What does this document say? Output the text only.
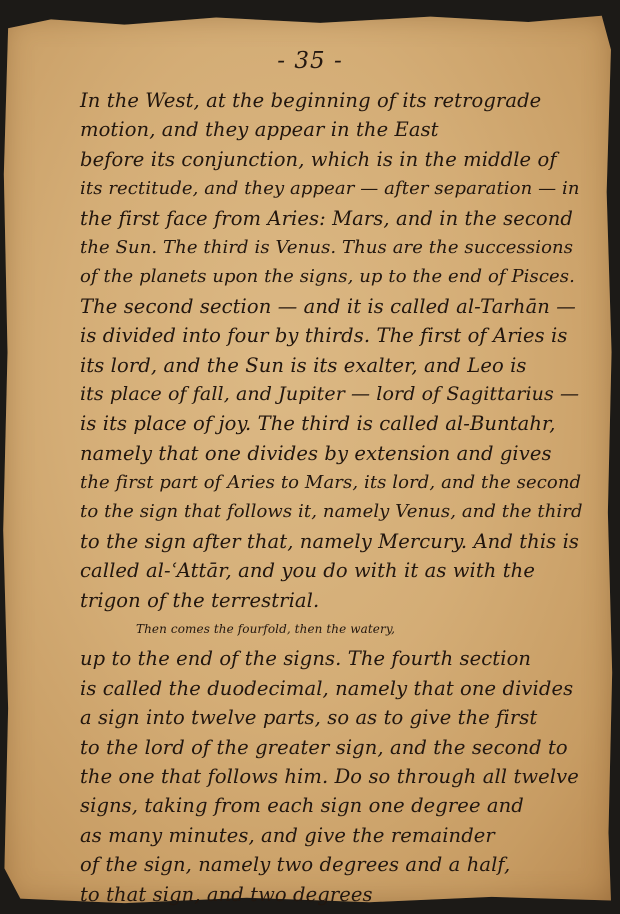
- 35 -
In the West, at the beginning of its retrograde
motion, and they appear in the East
before its conjunction, which is in the middle of
its rectitude, and they appear — after separation — in
the first face from Aries: Mars, and in the second
the Sun. The third is Venus. Thus are the successions
of the planets upon the signs, up to the end of Pisces.
The second section — and it is called al-Tarhān —
is divided into four by thirds. The first of Aries is
its lord, and the Sun is its exalter, and Leo is
its place of fall, and Jupiter — lord of Sagittarius —
is its place of joy. The third is called al-Buntahr,
namely that one divides by extension and gives
the first part of Aries to Mars, its lord, and the second
to the sign that follows it, namely Venus, and the third
to the sign after that, namely Mercury. And this is
called al-ʿAttār, and you do with it as with the
trigon of the terrestrial.
Then comes the fourfold, then the watery,
up to the end of the signs. The fourth section
is called the duodecimal, namely that one divides
a sign into twelve parts, so as to give the first
to the lord of the greater sign, and the second to
the one that follows him. Do so through all twelve
signs, taking from each sign one degree and
as many minutes, and give the remainder
of the sign, namely two degrees and a half,
to that sign, and two degrees
